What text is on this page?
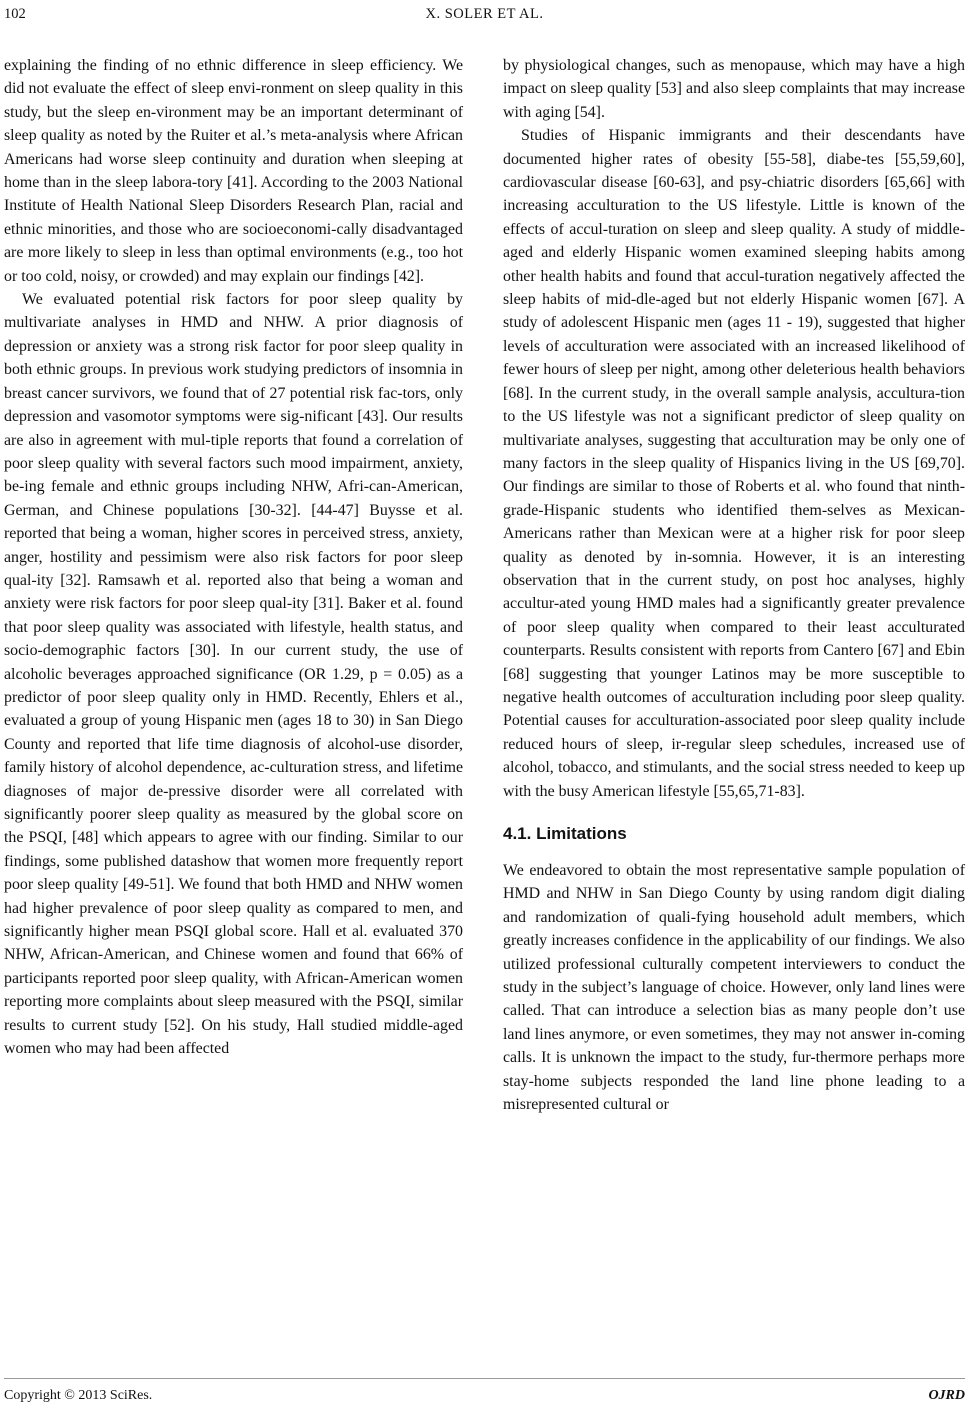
102	X. SOLER ET AL.

explaining the finding of no ethnic difference in sleep efficiency. We did not evaluate the effect of sleep envi-ronment on sleep quality in this study, but the sleep en-vironment may be an important determinant of sleep quality as noted by the Ruiter et al.’s meta-analysis where African Americans had worse sleep continuity and duration when sleeping at home than in the sleep labora-tory [41]. According to the 2003 National Institute of Health National Sleep Disorders Research Plan, racial and ethnic minorities, and those who are socioeconomi-cally disadvantaged are more likely to sleep in less than optimal environments (e.g., too hot or too cold, noisy, or crowded) and may explain our findings [42].

We evaluated potential risk factors for poor sleep quality by multivariate analyses in HMD and NHW. A prior diagnosis of depression or anxiety was a strong risk factor for poor sleep quality in both ethnic groups. In previous work studying predictors of insomnia in breast cancer survivors, we found that of 27 potential risk fac-tors, only depression and vasomotor symptoms were sig-nificant [43]. Our results are also in agreement with mul-tiple reports that found a correlation of poor sleep quality with several factors such mood impairment, anxiety, be-ing female and ethnic groups including NHW, Afri-can-American, German, and Chinese populations [30-32]. [44-47] Buysse et al. reported that being a woman, higher scores in perceived stress, anxiety, anger, hostility and pessimism were also risk factors for poor sleep qual-ity [32]. Ramsawh et al. reported also that being a woman and anxiety were risk factors for poor sleep qual-ity [31]. Baker et al. found that poor sleep quality was associated with lifestyle, health status, and socio-demographic factors [30]. In our current study, the use of alcoholic beverages approached significance (OR 1.29, p = 0.05) as a predictor of poor sleep quality only in HMD. Recently, Ehlers et al., evaluated a group of young Hispanic men (ages 18 to 30) in San Diego County and reported that life time diagnosis of alcohol-use disorder, family history of alcohol dependence, ac-culturation stress, and lifetime diagnoses of major de-pressive disorder were all correlated with significantly poorer sleep quality as measured by the global score on the PSQI, [48] which appears to agree with our finding. Similar to our findings, some published datashow that women more frequently report poor sleep quality [49-51]. We found that both HMD and NHW women had higher prevalence of poor sleep quality as compared to men, and significantly higher mean PSQI global score. Hall et al. evaluated 370 NHW, African-American, and Chinese women and found that 66% of participants reported poor sleep quality, with African-American women reporting more complaints about sleep measured with the PSQI, similar results to current study [52]. On his study, Hall studied middle-aged women who may had been affected

by physiological changes, such as menopause, which may have a high impact on sleep quality [53] and also sleep complaints that may increase with aging [54].

Studies of Hispanic immigrants and their descendants have documented higher rates of obesity [55-58], diabe-tes [55,59,60], cardiovascular disease [60-63], and psy-chiatric disorders [65,66] with increasing acculturation to the US lifestyle. Little is known of the effects of accul-turation on sleep and sleep quality. A study of middle-aged and elderly Hispanic women examined sleeping habits among other health habits and found that accul-turation negatively affected the sleep habits of mid-dle-aged but not elderly Hispanic women [67]. A study of adolescent Hispanic men (ages 11 - 19), suggested that higher levels of acculturation were associated with an increased likelihood of fewer hours of sleep per night, among other deleterious health behaviors [68]. In the current study, in the overall sample analysis, accultura-tion to the US lifestyle was not a significant predictor of sleep quality on multivariate analyses, suggesting that acculturation may be only one of many factors in the sleep quality of Hispanics living in the US [69,70]. Our findings are similar to those of Roberts et al. who found that ninth-grade-Hispanic students who identified them-selves as Mexican-Americans rather than Mexican were at a higher risk for poor sleep quality as denoted by in-somnia. However, it is an interesting observation that in the current study, on post hoc analyses, highly accultur-ated young HMD males had a significantly greater prevalence of poor sleep quality when compared to their least acculturated counterparts. Results consistent with reports from Cantero [67] and Ebin [68] suggesting that younger Latinos may be more susceptible to negative health outcomes of acculturation including poor sleep quality. Potential causes for acculturation-associated poor sleep quality include reduced hours of sleep, ir-regular sleep schedules, increased use of alcohol, tobacco, and stimulants, and the social stress needed to keep up with the busy American lifestyle [55,65,71-83].

4.1. Limitations

We endeavored to obtain the most representative sample population of HMD and NHW in San Diego County by using random digit dialing and randomization of quali-fying household adult members, which greatly increases confidence in the applicability of our findings. We also utilized professional culturally competent interviewers to conduct the study in the subject’s language of choice. However, only land lines were called. That can introduce a selection bias as many people don’t use land lines anymore, or even sometimes, they may not answer in-coming calls. It is unknown the impact to the study, fur-thermore perhaps more stay-home subjects responded the land line phone leading to a misrepresented cultural or

Copyright © 2013 SciRes.	OJRD
